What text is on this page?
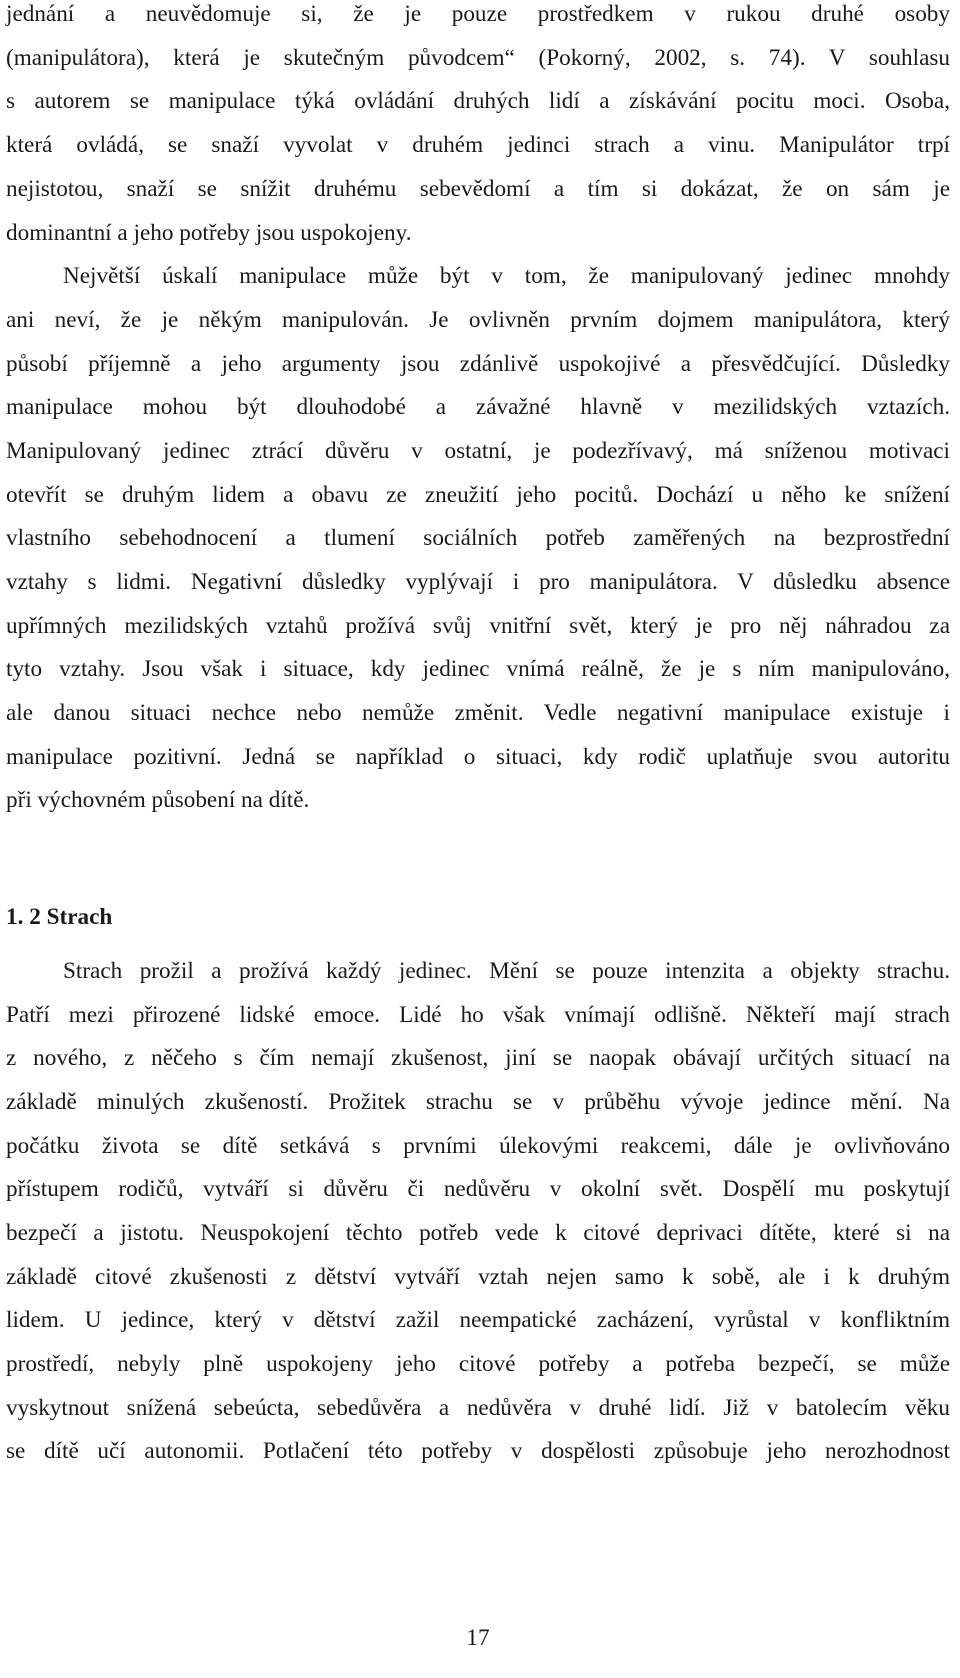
jednání a neuvědomuje si, že je pouze prostředkem v rukou druhé osoby
(manipulátora), která je skutečným původcem“ (Pokorný, 2002, s. 74). V souhlasu
s autorem se manipulace týká ovládání druhých lidí a získávání pocitu moci. Osoba,
která ovládá, se snaží vyvolat v druhém jedinci strach a vinu. Manipulátor trpí
nejistotou, snaží se snížit druhému sebevědomí a tím si dokázat, že on sám je
dominantní a jeho potřeby jsou uspokojeny.
Největší úskalí manipulace může být v tom, že manipulovaný jedinec mnohdy
ani neví, že je někým manipulován. Je ovlivněn prvním dojmem manipulátora, který
působí příjemně a jeho argumenty jsou zdánlivě uspokojivé a přesvědčující. Důsledky
manipulace mohou být dlouhodobé a závažné hlavně v mezilidských vztazích.
Manipulovaný jedinec ztrácí důvěru v ostatní, je podezřívavý, má sníženou motivaci
otevřít se druhým lidem a obavu ze zneužití jeho pocitů. Dochází u něho ke snížení
vlastního sebehodnocení a tlumení sociálních potřeb zaměřených na bezprostřední
vztahy s lidmi. Negativní důsledky vyplývají i pro manipulátora. V důsledku absence
upřímných mezilidských vztahů prožívá svůj vnitřní svět, který je pro něj náhradou za
tyto vztahy. Jsou však i situace, kdy jedinec vnímá reálně, že je s ním manipulováno,
ale danou situaci nechce nebo nemůže změnit. Vedle negativní manipulace existuje i
manipulace pozitivní. Jedná se například o situaci, kdy rodič uplatňuje svou autoritu
při výchovném působení na dítě.
1. 2 Strach
Strach prožil a prožívá každý jedinec. Mění se pouze intenzita a objekty strachu.
Patří mezi přirozené lidské emoce. Lidé ho však vnímají odlišně. Někteří mají strach
z nového, z něčeho s čím nemají zkušenost, jiní se naopak obávají určitých situací na
základě minulých zkušeností. Prožitek strachu se v průběhu vývoje jedince mění. Na
počátku života se dítě setkává s prvními úlekovými reakcemi, dále je ovlivňováno
přístupem rodičů, vytváří si důvěru či nedůvěru v okolní svět. Dospělí mu poskytují
bezpečí a jistotu. Neuspokojení těchto potřeb vede k citové deprivaci dítěte, které si na
základě citové zkušenosti z dětství vytváří vztah nejen samo k sobě, ale i k druhým
lidem. U jedince, který v dětství zažil neempatické zacházení, vyrůstal v konfliktním
prostředí, nebyly plně uspokojeny jeho citové potřeby a potřeba bezpečí, se může
vyskytnout snížená sebeúcta, sebedůvěra a nedůvěra v druhé lidí. Již v batolecím věku
se dítě učí autonomii. Potlačení této potřeby v dospělosti způsobuje jeho nerozhodnost
17
